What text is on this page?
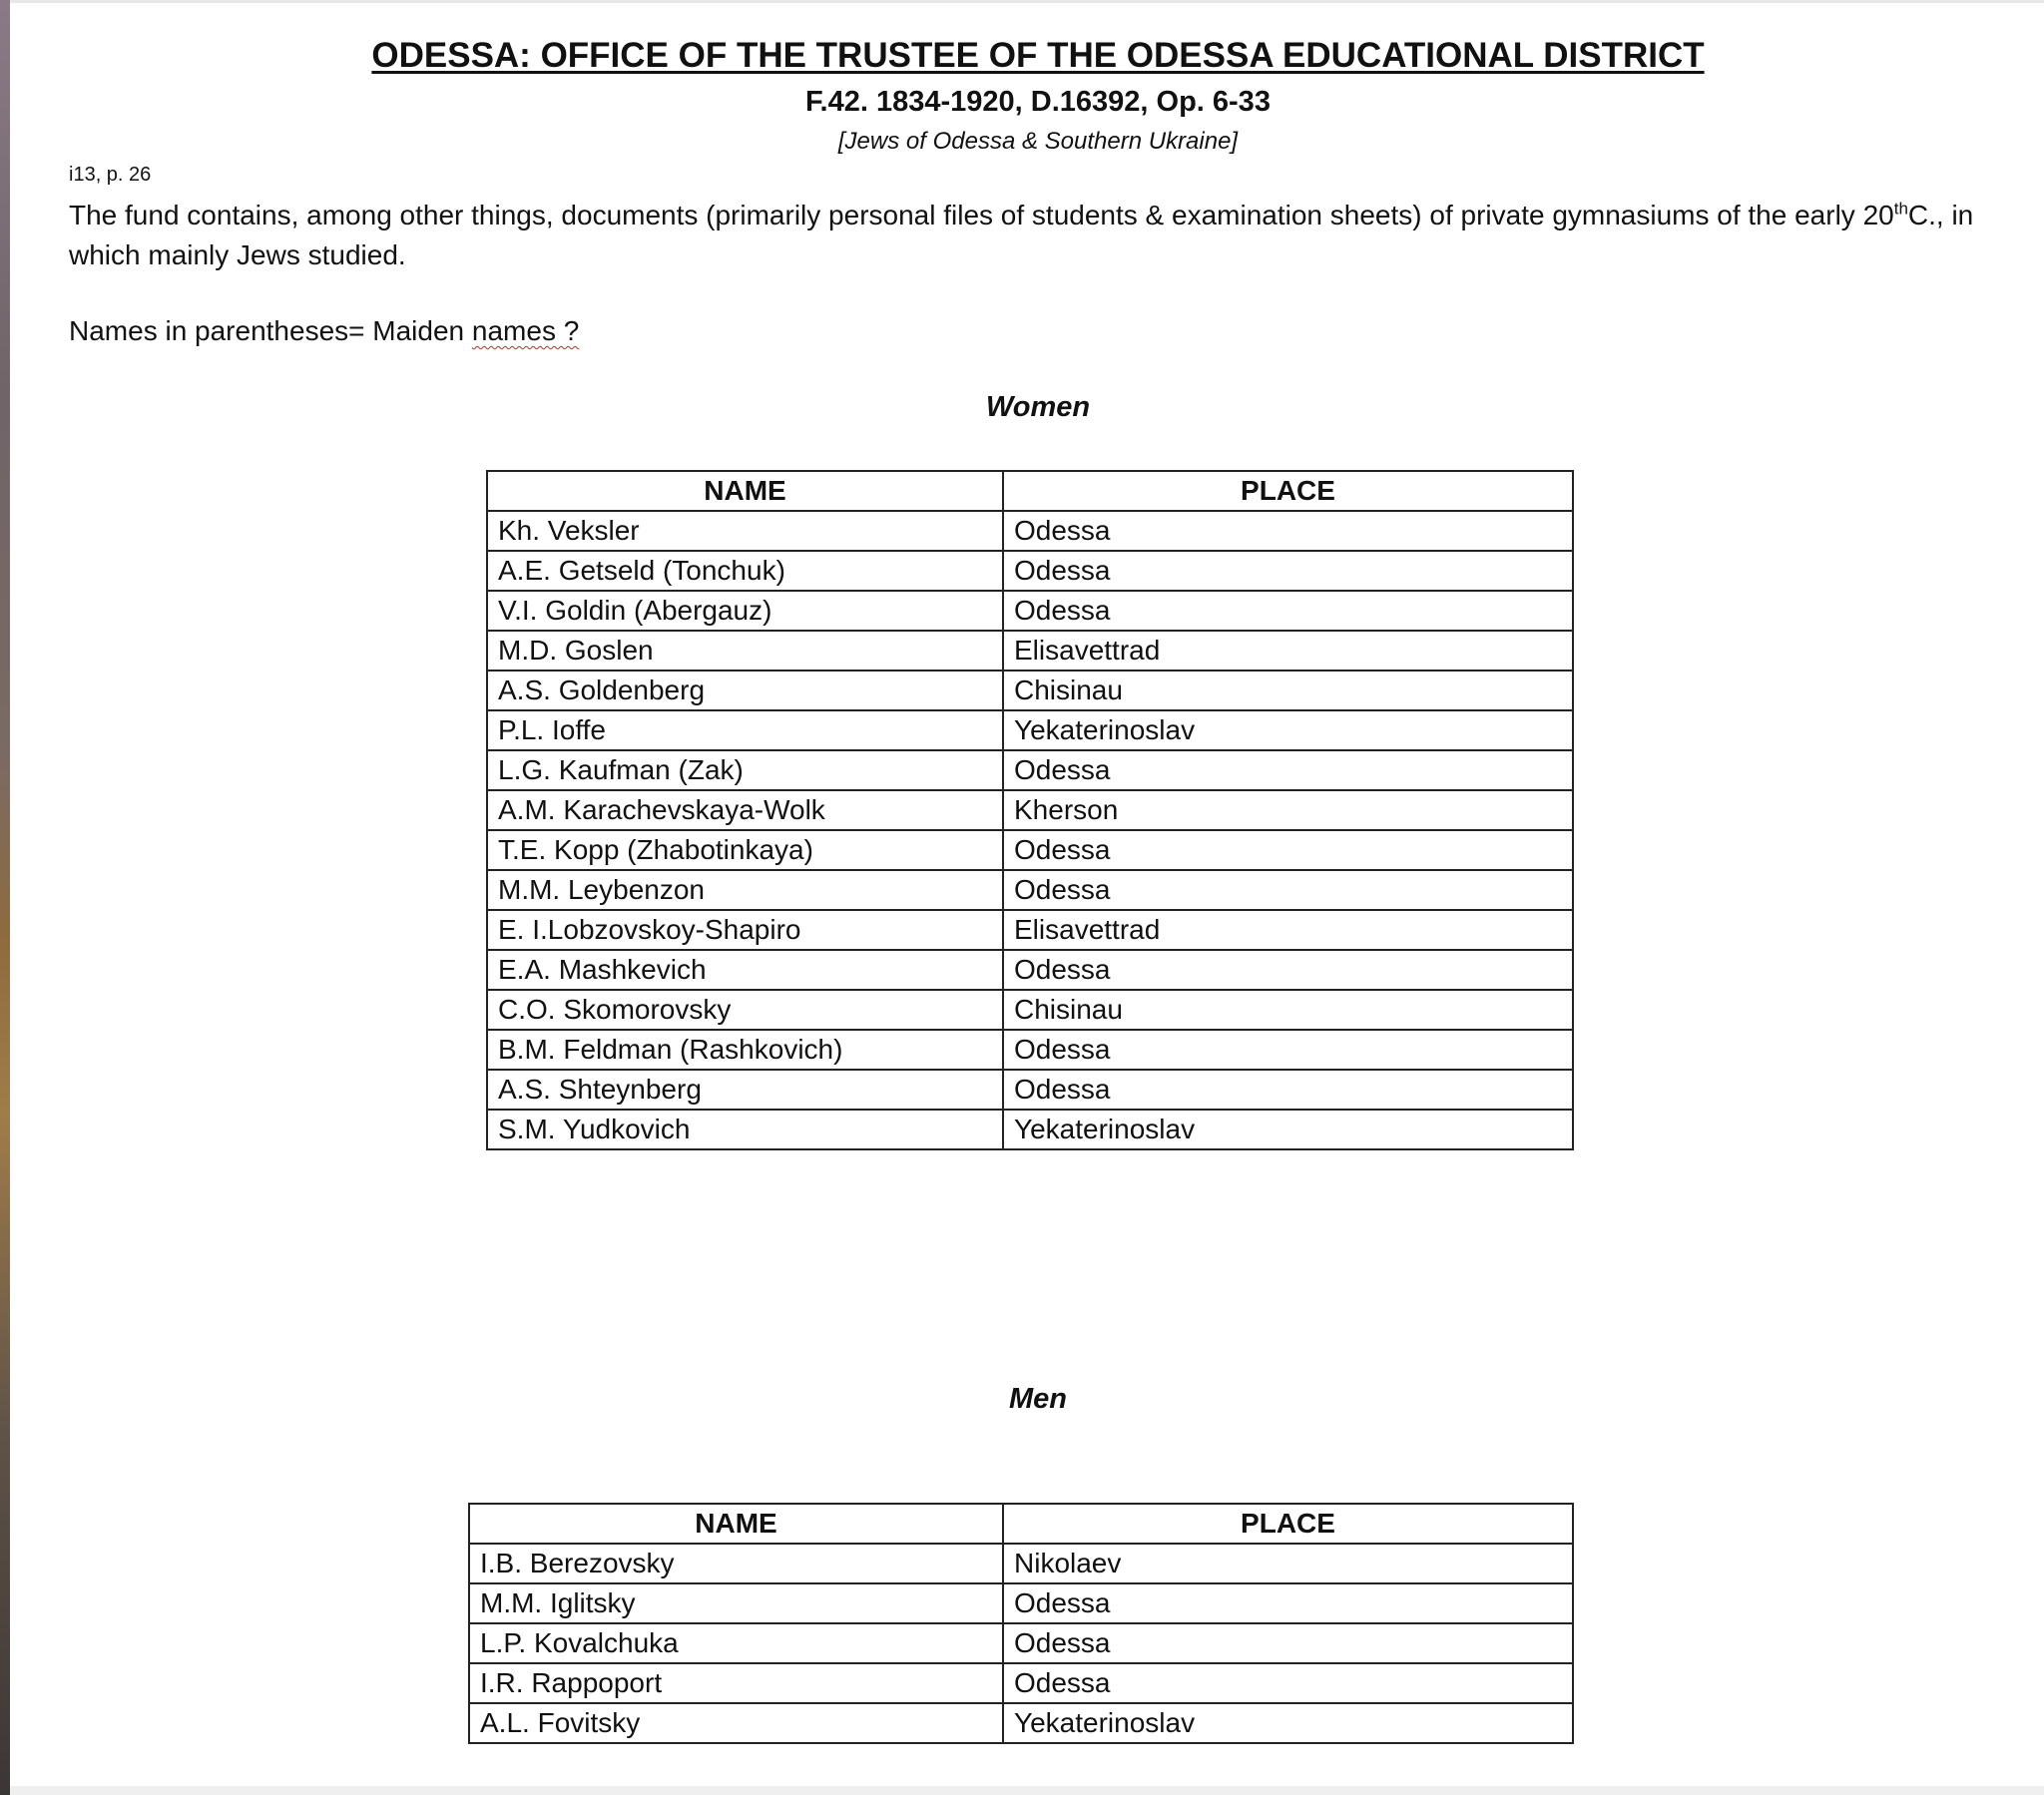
ODESSA: OFFICE OF THE TRUSTEE OF THE ODESSA EDUCATIONAL DISTRICT
F.42. 1834-1920, D.16392, Op. 6-33
[Jews of Odessa & Southern Ukraine]
i13, p. 26
The fund contains, among other things, documents (primarily personal files of students & examination sheets) of private gymnasiums of the early 20thC., in which mainly Jews studied.
Names in parentheses= Maiden names ?
Women
NAME	PLACE
Kh. Veksler	Odessa
A.E. Getseld (Tonchuk)	Odessa
V.I. Goldin (Abergauz)	Odessa
M.D. Goslen	Elisavettrad
A.S. Goldenberg	Chisinau
P.L. Ioffe	Yekaterinoslav
L.G. Kaufman (Zak)	Odessa
A.M. Karachevskaya-Wolk	Kherson
T.E. Kopp (Zhabotinkaya)	Odessa
M.M. Leybenzon	Odessa
E. I.Lobzovskoy-Shapiro	Elisavettrad
E.A. Mashkevich	Odessa
C.O. Skomorovsky	Chisinau
B.M. Feldman (Rashkovich)	Odessa
A.S. Shteynberg	Odessa
S.M. Yudkovich	Yekaterinoslav
Men
NAME	PLACE
I.B. Berezovsky	Nikolaev
M.M. Iglitsky	Odessa
L.P. Kovalchuka	Odessa
I.R. Rappoport	Odessa
A.L. Fovitsky	Yekaterinoslav
